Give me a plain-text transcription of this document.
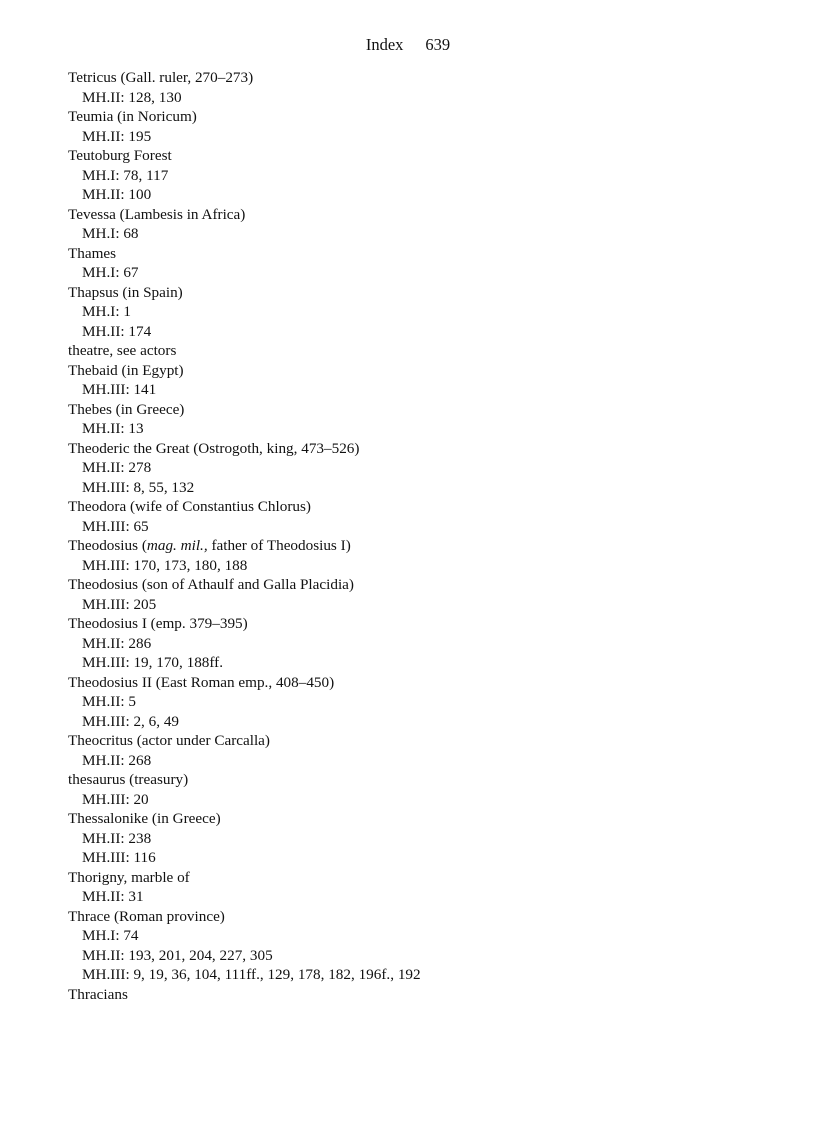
Index 639
Tetricus (Gall. ruler, 270–273)
MH.II: 128, 130
Teumia (in Noricum)
MH.II: 195
Teutoburg Forest
MH.I: 78, 117
MH.II: 100
Tevessa (Lambesis in Africa)
MH.I: 68
Thames
MH.I: 67
Thapsus (in Spain)
MH.I: 1
MH.II: 174
theatre, see actors
Thebaid (in Egypt)
MH.III: 141
Thebes (in Greece)
MH.II: 13
Theoderic the Great (Ostrogoth, king, 473–526)
MH.II: 278
MH.III: 8, 55, 132
Theodora (wife of Constantius Chlorus)
MH.III: 65
Theodosius (mag. mil., father of Theodosius I)
MH.III: 170, 173, 180, 188
Theodosius (son of Athaulf and Galla Placidia)
MH.III: 205
Theodosius I (emp. 379–395)
MH.II: 286
MH.III: 19, 170, 188ff.
Theodosius II (East Roman emp., 408–450)
MH.II: 5
MH.III: 2, 6, 49
Theocritus (actor under Carcalla)
MH.II: 268
thesaurus (treasury)
MH.III: 20
Thessalonike (in Greece)
MH.II: 238
MH.III: 116
Thorigny, marble of
MH.II: 31
Thrace (Roman province)
MH.I: 74
MH.II: 193, 201, 204, 227, 305
MH.III: 9, 19, 36, 104, 111ff., 129, 178, 182, 196f., 192
Thracians
